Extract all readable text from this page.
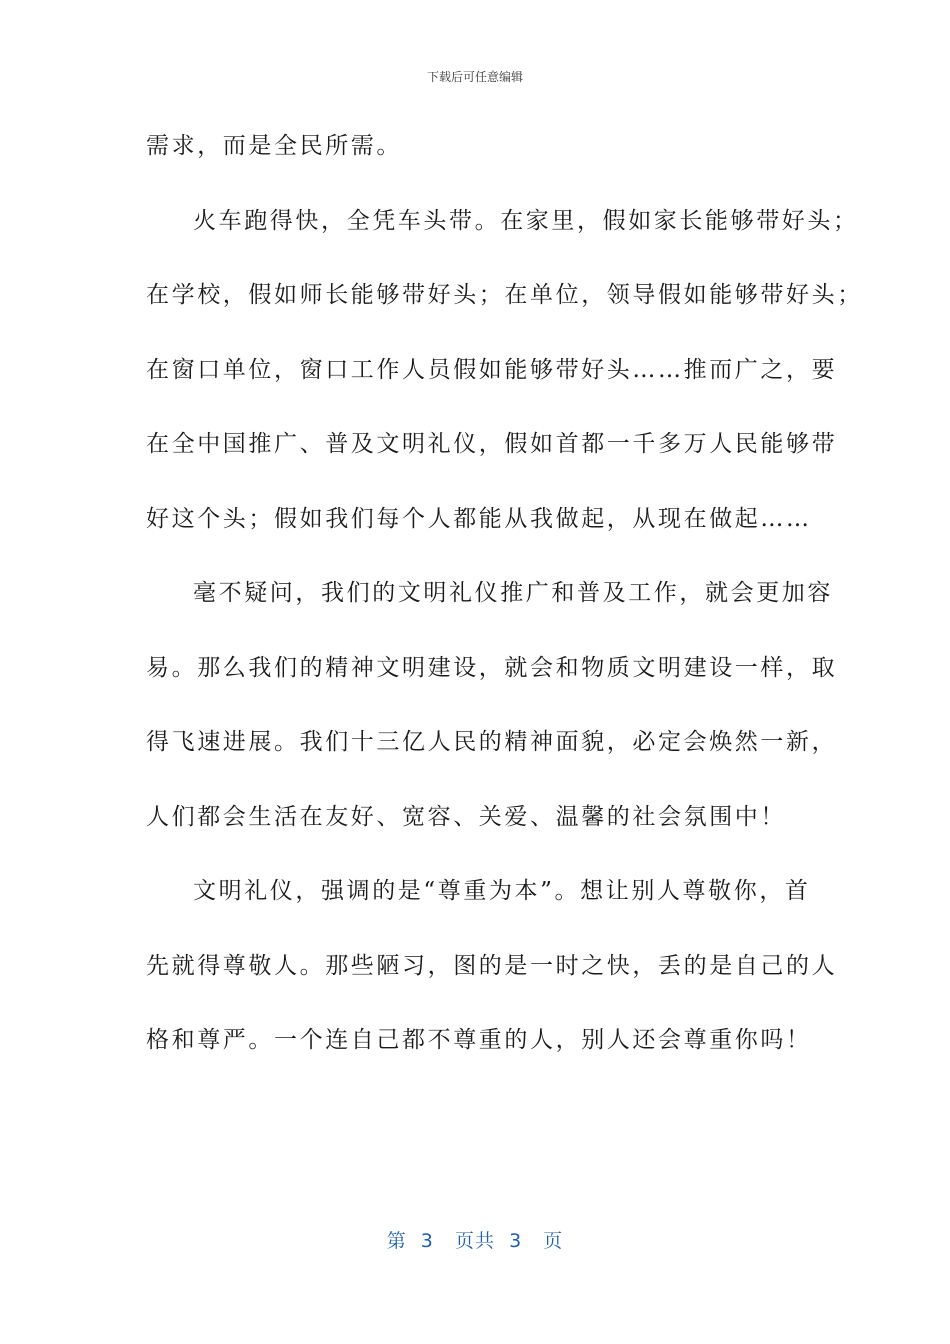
下载后可任意编辑
需求，而是全民所需。
火车跑得快，全凭车头带。在家里，假如家长能够带好头；
在学校，假如师长能够带好头；在单位，领导假如能够带好头；
在窗口单位，窗口工作人员假如能够带好头……推而广之，要
在全中国推广、普及文明礼仪，假如首都一千多万人民能够带
好这个头；假如我们每个人都能从我做起，从现在做起……
毫不疑问，我们的文明礼仪推广和普及工作，就会更加容
易。那么我们的精神文明建设，就会和物质文明建设一样，取
得飞速进展。我们十三亿人民的精神面貌，必定会焕然一新，
人们都会生活在友好、宽容、关爱、温馨的社会氛围中！
文明礼仪，强调的是“尊重为本”。想让别人尊敬你，首
先就得尊敬人。那些陋习，图的是一时之快，丢的是自己的人
格和尊严。一个连自己都不尊重的人，别人还会尊重你吗！
第  3   页共  3   页
